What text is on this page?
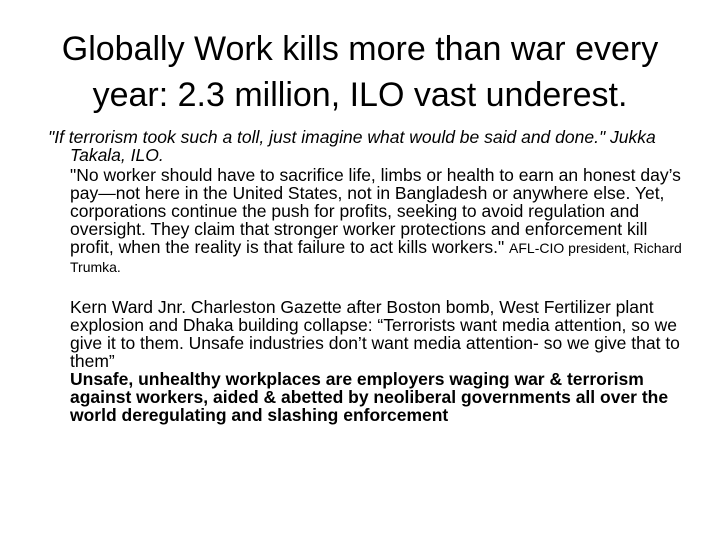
Globally Work kills more than war every
year: 2.3 million, ILO vast underest.

"If terrorism took such a toll, just imagine what would be said and done." Jukka Takala, ILO.

"No worker should have to sacrifice life, limbs or health to earn an honest day’s pay—not here in the United States, not in Bangladesh or anywhere else. Yet, corporations continue the push for profits, seeking to avoid regulation and oversight. They claim that stronger worker protections and enforcement kill profit, when the reality is that failure to act kills workers." AFL-CIO president, Richard Trumka.

Kern Ward Jnr. Charleston Gazette after Boston bomb, West Fertilizer plant explosion and Dhaka building collapse: “Terrorists want media attention, so we give it to them. Unsafe industries don’t want media attention- so we give that to them”

Unsafe, unhealthy workplaces are employers waging war & terrorism against workers, aided & abetted by neoliberal governments all over the world deregulating and slashing enforcement
